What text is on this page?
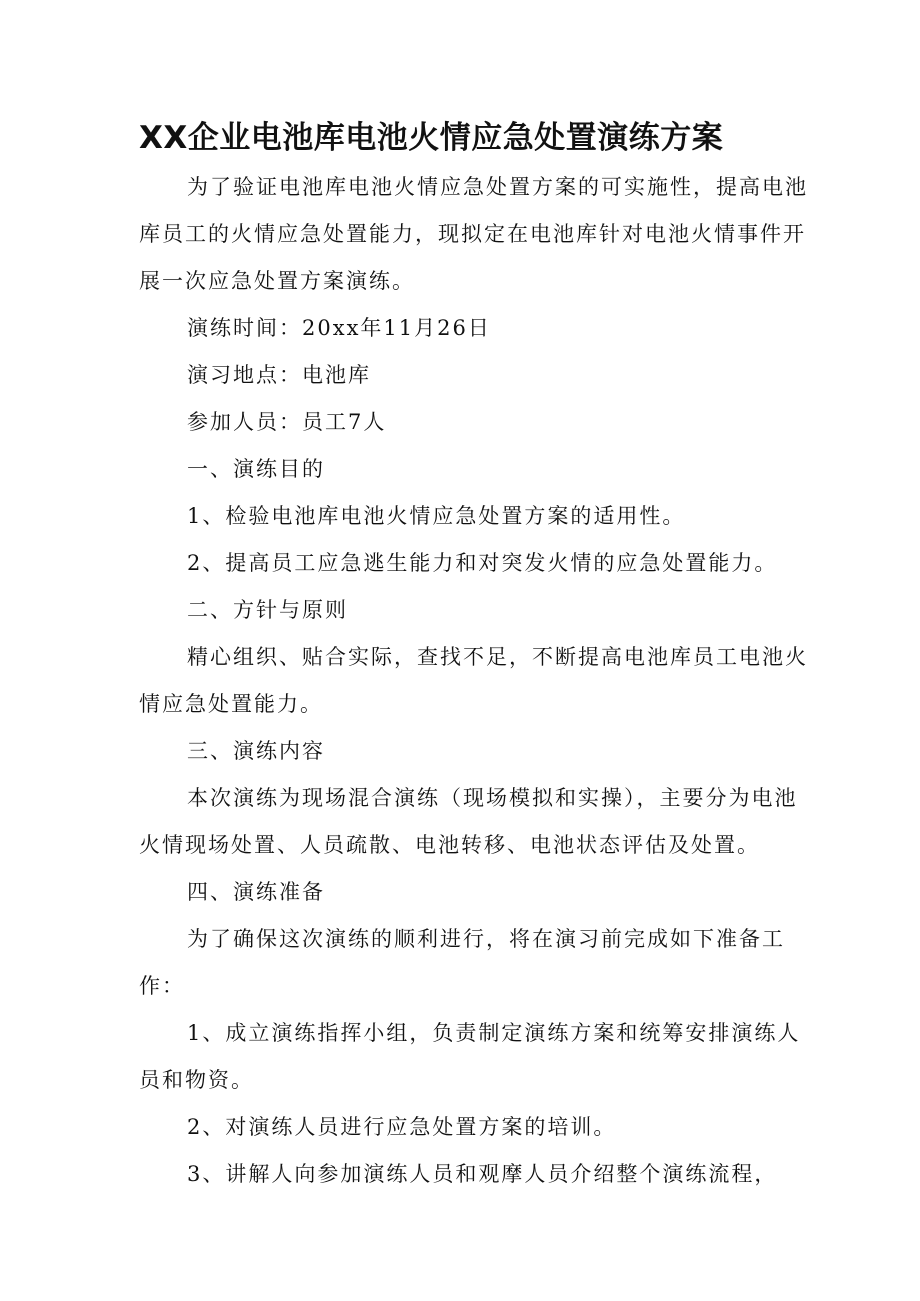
XX企业电池库电池火情应急处置演练方案

为了验证电池库电池火情应急处置方案的可实施性，提高电池库员工的火情应急处置能力，现拟定在电池库针对电池火情事件开展一次应急处置方案演练。

演练时间：20xx年11月26日

演习地点：电池库

参加人员：员工7人

一、演练目的

1、检验电池库电池火情应急处置方案的适用性。

2、提高员工应急逃生能力和对突发火情的应急处置能力。

二、方针与原则

精心组织、贴合实际，查找不足，不断提高电池库员工电池火情应急处置能力。

三、演练内容

本次演练为现场混合演练（现场模拟和实操），主要分为电池火情现场处置、人员疏散、电池转移、电池状态评估及处置。

四、演练准备

为了确保这次演练的顺利进行，将在演习前完成如下准备工作：

1、成立演练指挥小组，负责制定演练方案和统筹安排演练人员和物资。

2、对演练人员进行应急处置方案的培训。

3、讲解人向参加演练人员和观摩人员介绍整个演练流程，
